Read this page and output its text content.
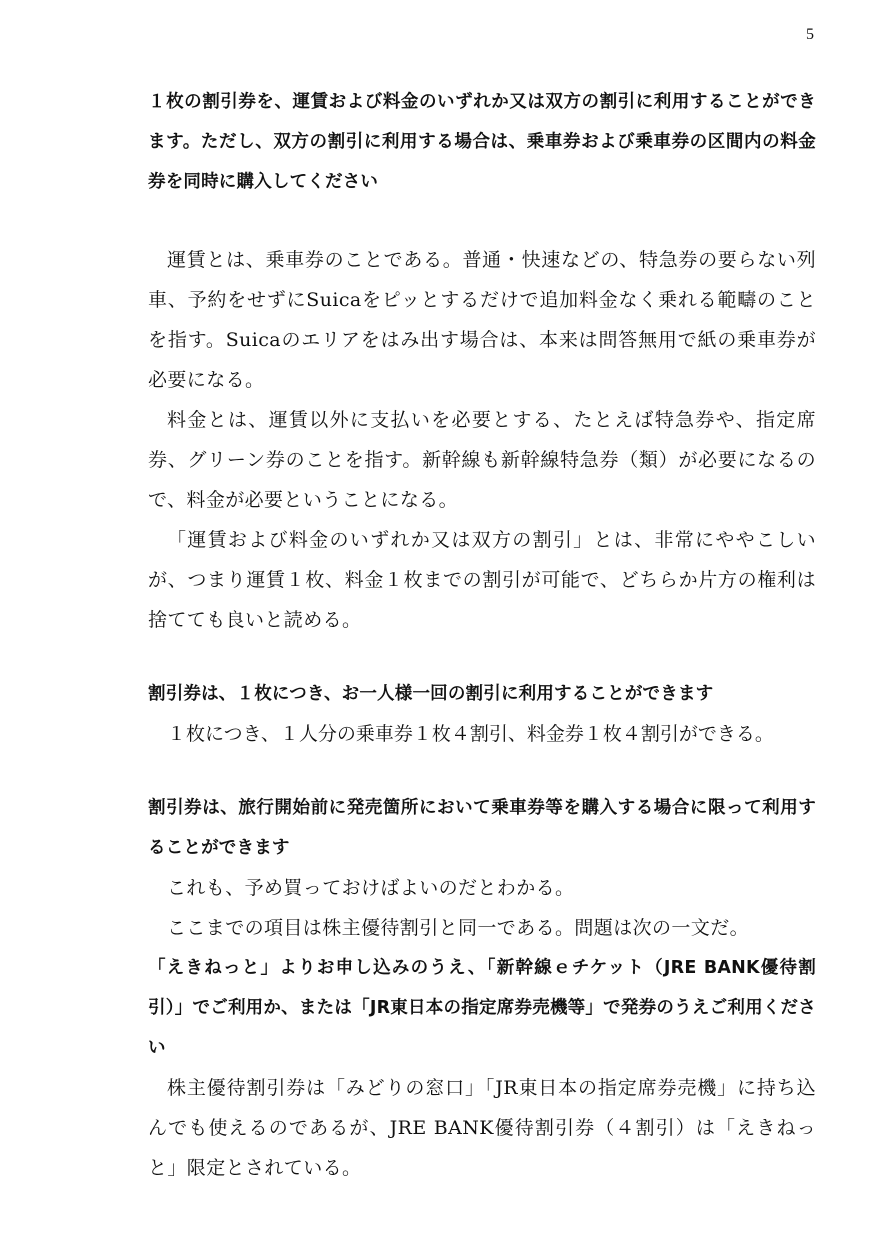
5

１枚の割引券を、運賃および料金のいずれか又は双方の割引に利用することができます。ただし、双方の割引に利用する場合は、乗車券および乗車券の区間内の料金券を同時に購入してください

運賃とは、乗車券のことである。普通・快速などの、特急券の要らない列車、予約をせずにSuicaをピッとするだけで追加料金なく乗れる範疇のことを指す。Suicaのエリアをはみ出す場合は、本来は問答無用で紙の乗車券が必要になる。

料金とは、運賃以外に支払いを必要とする、たとえば特急券や、指定席券、グリーン券のことを指す。新幹線も新幹線特急券（類）が必要になるので、料金が必要ということになる。

「運賃および料金のいずれか又は双方の割引」とは、非常にややこしいが、つまり運賃１枚、料金１枚までの割引が可能で、どちらか片方の権利は捨てても良いと読める。

割引券は、１枚につき、お一人様一回の割引に利用することができます

１枚につき、１人分の乗車券１枚４割引、料金券１枚４割引ができる。

割引券は、旅行開始前に発売箇所において乗車券等を購入する場合に限って利用することができます

これも、予め買っておけばよいのだとわかる。

ここまでの項目は株主優待割引と同一である。問題は次の一文だ。

「えきねっと」よりお申し込みのうえ、「新幹線ｅチケット（JRE BANK優待割引）」でご利用か、または「JR東日本の指定席券売機等」で発券のうえご利用ください

株主優待割引券は「みどりの窓口」「JR東日本の指定席券売機」に持ち込んでも使えるのであるが、JRE BANK優待割引券（４割引）は「えきねっと」限定とされている。
